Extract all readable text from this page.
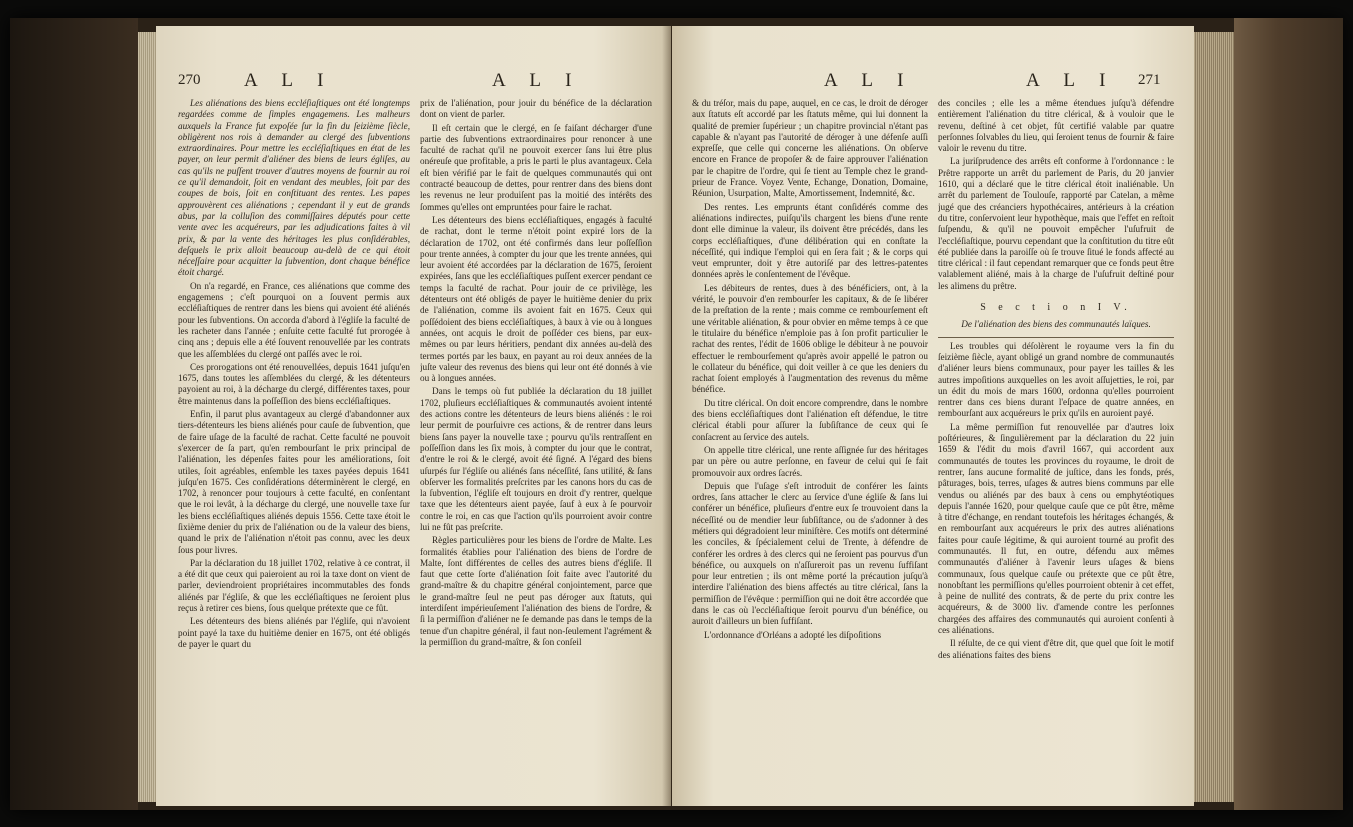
270 A L I	A L I

Les aliénations des biens eccléſiaſtiques ont été longtemps regardées comme de ſimples engagemens. Les malheurs auxquels la France fut expoſée ſur la fin du ſeizième ſiècle, obligèrent nos rois à demander au clergé des ſubventions extraordinaires. Pour mettre les eccléſiaſtiques en état de les payer, on leur permit d'aliéner des biens de leurs égliſes, au cas qu'ils ne puſſent trouver d'autres moyens de fournir au roi ce qu'il demandoit, ſoit en vendant des meubles, ſoit par des coupes de bois, ſoit en conſtituant des rentes. Les papes approuvèrent ces aliénations ; cependant il y eut de grands abus, par la colluſion des commiſſaires députés pour cette vente avec les acquéreurs, par les adjudications faites à vil prix, & par la vente des héritages les plus conſidérables, deſquels le prix alloit beaucoup au-delà de ce qui étoit néceſſaire pour acquitter la ſubvention, dont chaque bénéfice étoit chargé.

On n'a regardé, en France, ces aliénations que comme des engagemens ; c'eſt pourquoi on a ſouvent permis aux eccléſiaſtiques de rentrer dans les biens qui avoient été aliénés pour les ſubventions. On accorda d'abord à l'égliſe la faculté de les racheter dans l'année ; enſuite cette faculté fut prorogée à cinq ans ; depuis elle a été ſouvent renouvellée par les contrats que les aſſemblées du clergé ont paſſés avec le roi.

Ces prorogations ont été renouvellées, depuis 1641 juſqu'en 1675, dans toutes les aſſemblées du clergé, & les détenteurs payoient au roi, à la décharge du clergé, différentes taxes, pour être maintenus dans la poſſeſſion des biens eccléſiaſtiques.

Enfin, il parut plus avantageux au clergé d'abandonner aux tiers-détenteurs les biens aliénés pour cauſe de ſubvention, que de faire uſage de la faculté de rachat. Cette faculté ne pouvoit s'exercer de ſa part, qu'en rembourſant le prix principal de l'aliénation, les dépenſes faites pour les améliorations, ſoit utiles, ſoit agréables, enſemble les taxes payées depuis 1641 juſqu'en 1675. Ces conſidérations déterminèrent le clergé, en 1702, à renoncer pour toujours à cette faculté, en conſentant que le roi levât, à la décharge du clergé, une nouvelle taxe ſur les biens eccléſiaſtiques aliénés depuis 1556. Cette taxe étoit le ſixième denier du prix de l'aliénation ou de la valeur des biens, quand le prix de l'aliénation n'étoit pas connu, avec les deux ſous pour livres.

Par la déclaration du 18 juillet 1702, relative à ce contrat, il a été dit que ceux qui paieroient au roi la taxe dont on vient de parler, deviendroient propriétaires incommutables des fonds aliénés par l'égliſe, & que les eccléſiaſtiques ne ſeroient plus reçus à retirer ces biens, ſous quelque prétexte que ce fût.

Les détenteurs des biens aliénés par l'égliſe, qui n'avoient point payé la taxe du huitième denier en 1675, ont été obligés de payer le quart du

prix de l'aliénation, pour jouir du bénéfice de la déclaration dont on vient de parler.

Il eſt certain que le clergé, en ſe faiſant décharger d'une partie des ſubventions extraordinaires pour renoncer à une faculté de rachat qu'il ne pouvoit exercer ſans lui être plus onéreuſe que profitable, a pris le parti le plus avantageux. Cela eſt bien vérifié par le fait de quelques communautés qui ont contracté beaucoup de dettes, pour rentrer dans des biens dont les revenus ne leur produiſent pas la moitié des intérêts des ſommes qu'elles ont empruntées pour faire le rachat.

Les détenteurs des biens eccléſiaſtiques, engagés à faculté de rachat, dont le terme n'étoit point expiré lors de la déclaration de 1702, ont été confirmés dans leur poſſeſſion pour trente années, à compter du jour que les trente années, qui leur avoient été accordées par la déclaration de 1675, ſeroient expirées, ſans que les eccléſiaſtiques puſſent exercer pendant ce temps la faculté de rachat. Pour jouir de ce privilège, les détenteurs ont été obligés de payer le huitième denier du prix de l'aliénation, comme ils avoient fait en 1675. Ceux qui poſſédoient des biens eccléſiaſtiques, à baux à vie ou à longues années, ont acquis le droit de poſſéder ces biens, par eux-mêmes ou par leurs héritiers, pendant dix années au-delà des termes portés par les baux, en payant au roi deux années de la juſte valeur des revenus des biens qui leur ont été donnés à vie ou à longues années.

Dans le temps où fut publiée la déclaration du 18 juillet 1702, pluſieurs eccléſiaſtiques & communautés avoient intenté des actions contre les détenteurs de leurs biens aliénés : le roi leur permit de pourſuivre ces actions, & de rentrer dans leurs biens ſans payer la nouvelle taxe ; pourvu qu'ils rentraſſent en poſſeſſion dans les ſix mois, à compter du jour que le contrat, d'entre le roi & le clergé, avoit été ſigné. A l'égard des biens uſurpés ſur l'égliſe ou aliénés ſans néceſſité, ſans utilité, & ſans obſerver les formalités preſcrites par les canons hors du cas de la ſubvention, l'égliſe eſt toujours en droit d'y rentrer, quelque taxe que les détenteurs aient payée, ſauf à eux à ſe pourvoir contre le roi, en cas que l'action qu'ils pourroient avoir contre lui ne fût pas preſcrite.

Règles particulières pour les biens de l'ordre de Malte. Les formalités établies pour l'aliénation des biens de l'ordre de Malte, ſont différentes de celles des autres biens d'égliſe. Il faut que cette ſorte d'aliénation ſoit faite avec l'autorité du grand-maître & du chapitre général conjointement, parce que le grand-maître ſeul ne peut pas déroger aux ſtatuts, qui interdiſent impérieuſement l'aliénation des biens de l'ordre, & ſi la permiſſion d'aliéner ne ſe demande pas dans le temps de la tenue d'un chapitre général, il faut non-ſeulement l'agrément & la permiſſion du grand-maître, & ſon conſeil

A L I	A L I 271

& du tréſor, mais du pape, auquel, en ce cas, le droit de déroger aux ſtatuts eſt accordé par les ſtatuts même, qui lui donnent la qualité de premier ſupérieur ; un chapitre provincial n'étant pas capable & n'ayant pas l'autorité de déroger à une défenſe auſſi expreſſe, que celle qui concerne les aliénations. On obſerve encore en France de propoſer & de faire approuver l'aliénation par le chapitre de l'ordre, qui ſe tient au Temple chez le grand-prieur de France. Voyez Vente, Echange, Donation, Domaine, Réunion, Usurpation, Malte, Amortissement, Indemnité, &c.

Des rentes. Les emprunts étant conſidérés comme des aliénations indirectes, puiſqu'ils chargent les biens d'une rente dont elle diminue la valeur, ils doivent être précédés, dans les corps eccléſiaſtiques, d'une délibération qui en conſtate la néceſſité, qui indique l'emploi qui en ſera fait ; & le corps qui veut emprunter, doit y être autoriſé par des lettres-patentes données après le conſentement de l'évêque.

Les débiteurs de rentes, dues à des bénéficiers, ont, à la vérité, le pouvoir d'en rembourſer les capitaux, & de ſe libérer de la preſtation de la rente ; mais comme ce rembourſement eſt une véritable aliénation, & pour obvier en même temps à ce que le titulaire du bénéfice n'emploie pas à ſon profit particulier le rachat des rentes, l'édit de 1606 oblige le débiteur à ne pouvoir effectuer le rembourſement qu'après avoir appellé le patron ou le collateur du bénéfice, qui doit veiller à ce que les deniers du rachat ſoient employés à l'augmentation des revenus du même bénéfice.

Du titre clérical. On doit encore comprendre, dans le nombre des biens eccléſiaſtiques dont l'aliénation eſt défendue, le titre clérical établi pour aſſurer la ſubſiſtance de ceux qui ſe conſacrent au ſervice des autels.

On appelle titre clérical, une rente aſſignée ſur des héritages par un père ou autre perſonne, en faveur de celui qui ſe fait promouvoir aux ordres ſacrés.

Depuis que l'uſage s'eſt introduit de conférer les ſaints ordres, ſans attacher le clerc au ſervice d'une égliſe & ſans lui conférer un bénéfice, pluſieurs d'entre eux ſe trouvoient dans la néceſſité ou de mendier leur ſubſiſtance, ou de s'adonner à des métiers qui dégradoient leur miniſtère. Ces motifs ont déterminé les conciles, & ſpécialement celui de Trente, à défendre de conférer les ordres à des clercs qui ne ſeroient pas pourvus d'un bénéfice, ou auxquels on n'aſſureroit pas un revenu ſuffiſant pour leur entretien ; ils ont même porté la précaution juſqu'à interdire l'aliénation des biens affectés au titre clérical, ſans la permiſſion de l'évêque : permiſſion qui ne doit être accordée que dans le cas où l'eccléſiaſtique ſeroit pourvu d'un bénéfice, ou auroit d'ailleurs un bien ſuffiſant.

L'ordonnance d'Orléans a adopté les diſpoſitions

des conciles ; elle les a même étendues juſqu'à défendre entièrement l'aliénation du titre clérical, & à vouloir que le revenu, deſtiné à cet objet, fût certifié valable par quatre perſonnes ſolvables du lieu, qui ſeroient tenus de fournir & faire valoir le revenu du titre.

La juriſprudence des arrêts eſt conforme à l'ordonnance : le Prêtre rapporte un arrêt du parlement de Paris, du 20 janvier 1610, qui a déclaré que le titre clérical étoit inaliénable. Un arrêt du parlement de Toulouſe, rapporté par Catelan, a même jugé que des créanciers hypothécaires, antérieurs à la création du titre, conſervoient leur hypothèque, mais que l'effet en reſtoit ſuſpendu, & qu'il ne pouvoit empêcher l'uſufruit de l'eccléſiaſtique, pourvu cependant que la conſtitution du titre eût été publiée dans la paroiſſe où ſe trouve ſitué le fonds affecté au titre clérical : il faut cependant remarquer que ce fonds peut être valablement aliéné, mais à la charge de l'uſufruit deſtiné pour les alimens du prêtre.

S e c t i o n I V.
De l'aliénation des biens des communautés laïques.

Les troubles qui déſolèrent le royaume vers la fin du ſeizième ſiècle, ayant obligé un grand nombre de communautés d'aliéner leurs biens communaux, pour payer les tailles & les autres impoſitions auxquelles on les avoit aſſujetties, le roi, par un édit du mois de mars 1600, ordonna qu'elles pourroient rentrer dans ces biens durant l'eſpace de quatre années, en rembourſant aux acquéreurs le prix qu'ils en auroient payé.

La même permiſſion fut renouvellée par d'autres loix poſtérieures, & ſingulièrement par la déclaration du 22 juin 1659 & l'édit du mois d'avril 1667, qui accordent aux communautés de toutes les provinces du royaume, le droit de rentrer, ſans aucune formalité de juſtice, dans les fonds, prés, pâturages, bois, terres, uſages & autres biens communs par elle vendus ou aliénés par des baux à cens ou emphytéotiques depuis l'année 1620, pour quelque cauſe que ce pût être, même à titre d'échange, en rendant toutefois les héritages échangés, & en rembourſant aux acquéreurs le prix des autres aliénations faites pour cauſe légitime, & qui auroient tourné au profit des communautés. Il fut, en outre, défendu aux mêmes communautés d'aliéner à l'avenir leurs uſages & biens communaux, ſous quelque cauſe ou prétexte que ce pût être, nonobſtant les permiſſions qu'elles pourroient obtenir à cet effet, à peine de nullité des contrats, & de perte du prix contre les acquéreurs, & de 3000 liv. d'amende contre les perſonnes chargées des affaires des communautés qui auroient conſenti à ces aliénations.

Il réſulte, de ce qui vient d'être dit, que quel que ſoit le motif des aliénations faites des biens
